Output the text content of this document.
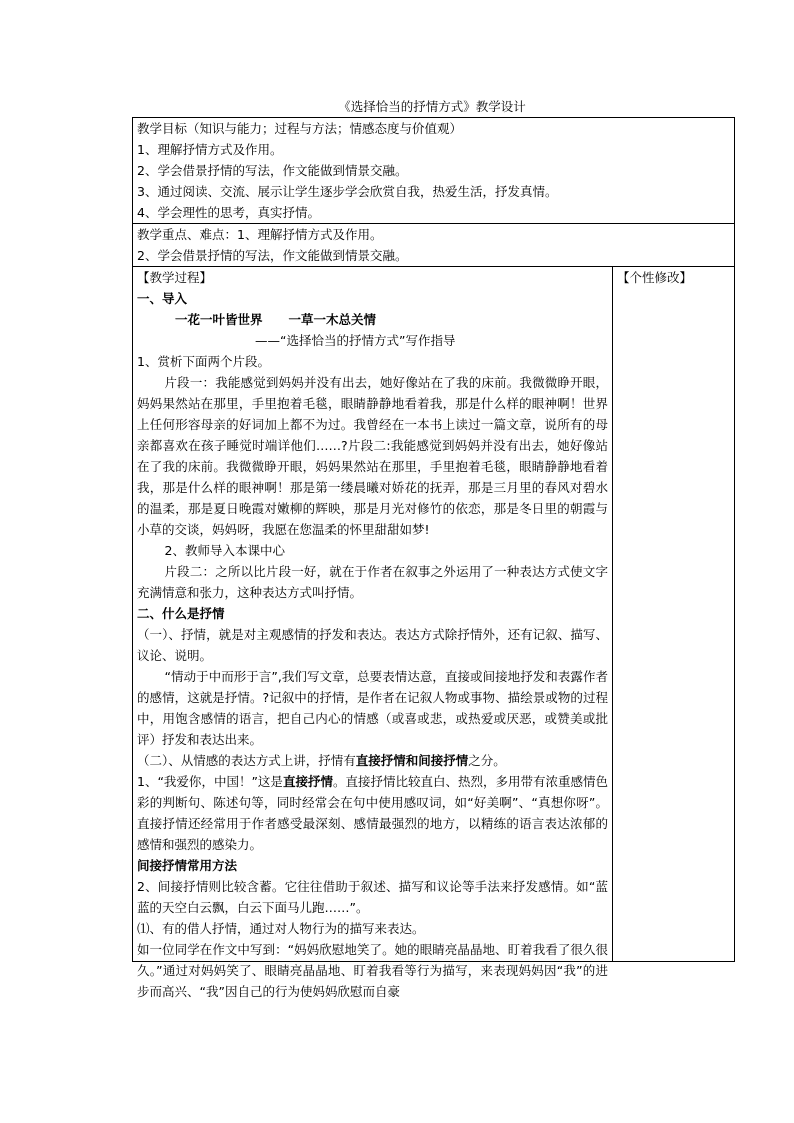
《选择恰当的抒情方式》教学设计
教学目标（知识与能力；过程与方法；情感态度与价值观）
1、理解抒情方式及作用。
2、学会借景抒情的写法，作文能做到情景交融。
3、通过阅读、交流、展示让学生逐步学会欣赏自我，热爱生活，抒发真情。
4、学会理性的思考，真实抒情。

教学重点、难点：1、理解抒情方式及作用。
2、学会借景抒情的写法，作文能做到情景交融。

【教学过程】
一、导入
一花一叶皆世界 一草一木总关情
——“选择恰当的抒情方式”写作指导
1、赏析下面两个片段。
片段一：我能感觉到妈妈并没有出去，她好像站在了我的床前。我微微睁开眼，妈妈果然站在那里，手里抱着毛毯，眼睛静静地看着我，那是什么样的眼神啊！世界上任何形容母亲的好词加上都不为过。我曾经在一本书上读过一篇文章，说所有的母亲都喜欢在孩子睡觉时端详他们……?片段二:我能感觉到妈妈并没有出去，她好像站在了我的床前。我微微睁开眼，妈妈果然站在那里，手里抱着毛毯，眼睛静静地看着我，那是什么样的眼神啊！那是第一缕晨曦对娇花的抚弄，那是三月里的春风对碧水的温柔，那是夏日晚霞对嫩柳的辉映，那是月光对修竹的依恋，那是冬日里的朝霞与小草的交谈，妈妈呀，我愿在您温柔的怀里甜甜如梦!
2、教师导入本课中心
片段二：之所以比片段一好，就在于作者在叙事之外运用了一种表达方式使文字充满情意和张力，这种表达方式叫抒情。
二、什么是抒情
（一）、抒情，就是对主观感情的抒发和表达。表达方式除抒情外，还有记叙、描写、议论、说明。
“情动于中而形于言”,我们写文章，总要表情达意，直接或间接地抒发和表露作者的感情，这就是抒情。?记叙中的抒情，是作者在记叙人物或事物、描绘景或物的过程中，用饱含感情的语言，把自己内心的情感（或喜或悲，或热爱或厌恶，或赞美或批评）抒发和表达出来。
（二）、从情感的表达方式上讲，抒情有直接抒情和间接抒情之分。
1、“我爱你，中国！”这是直接抒情。直接抒情比较直白、热烈，多用带有浓重感情色彩的判断句、陈述句等，同时经常会在句中使用感叹词，如“好美啊”、“真想你呀”。直接抒情还经常用于作者感受最深刻、感情最强烈的地方，以精练的语言表达浓郁的感情和强烈的感染力。
间接抒情常用方法
2、间接抒情则比较含蓄。它往往借助于叙述、描写和议论等手法来抒发感情。如“蓝蓝的天空白云飘，白云下面马儿跑……”。
⑴、有的借人抒情，通过对人物行为的描写来表达。
如一位同学在作文中写到：“妈妈欣慰地笑了。她的眼睛亮晶晶地、盯着我看了很久很久。”通过对妈妈笑了、眼睛亮晶晶地、盯着我看等行为描写，来表现妈妈因“我”的进步而高兴、“我”因自己的行为使妈妈欣慰而自豪

【个性修改】
